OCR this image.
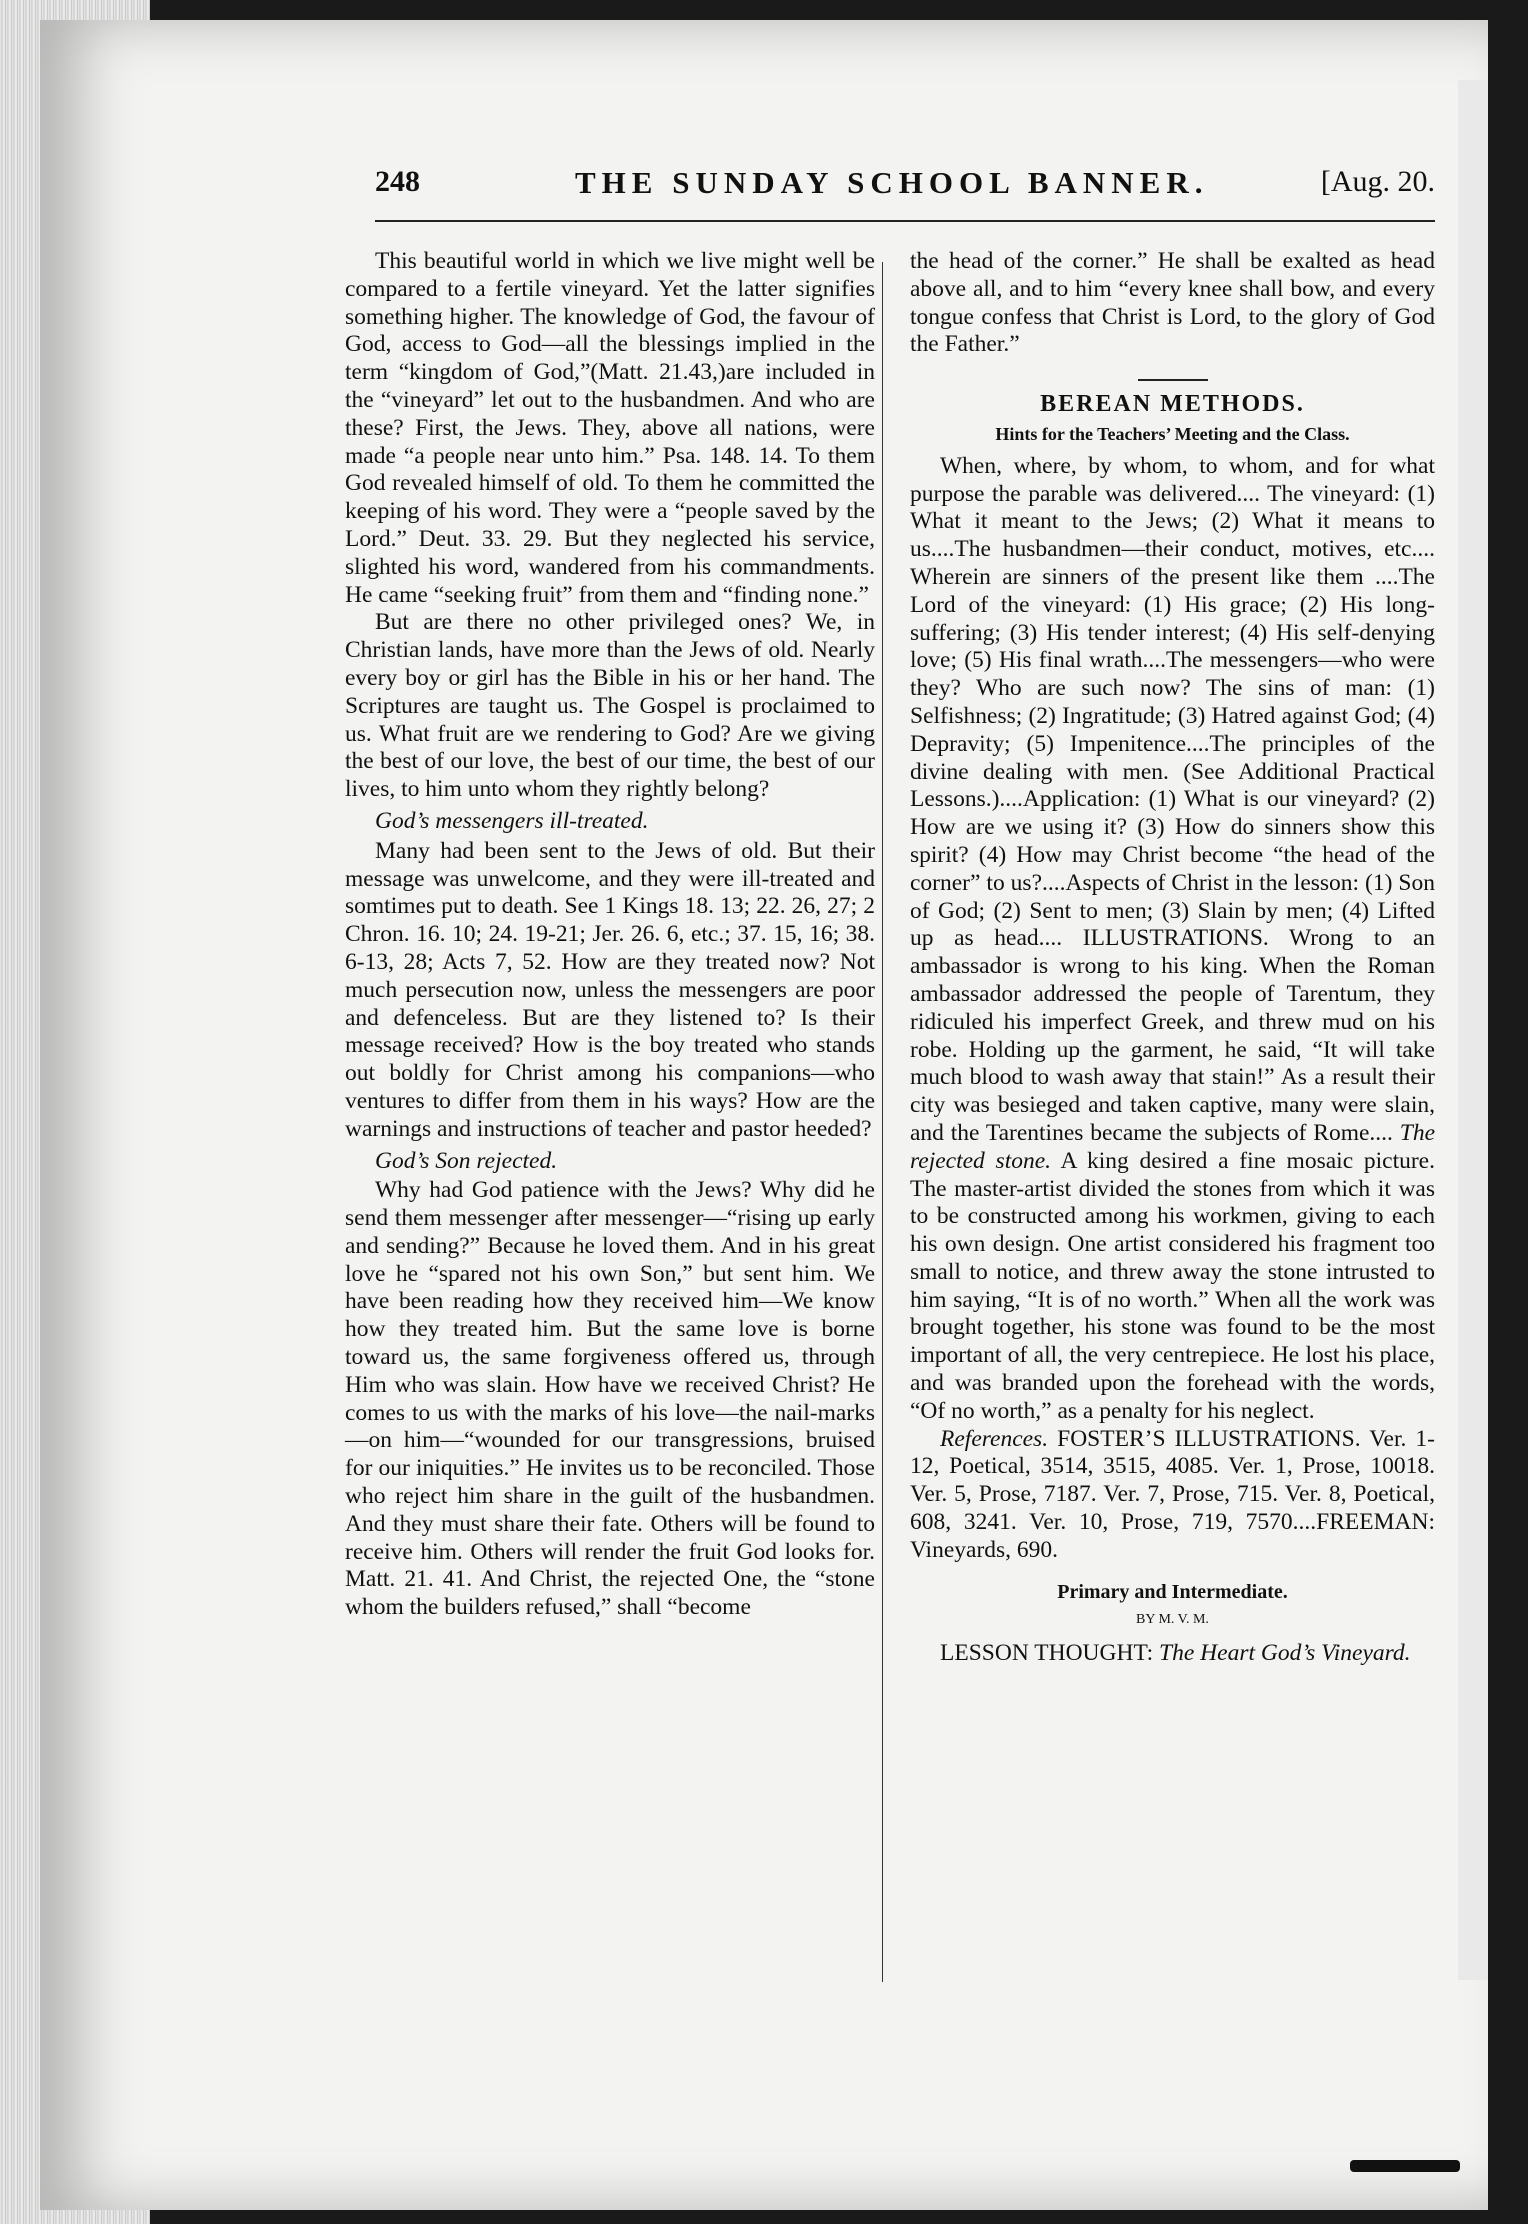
248	THE SUNDAY SCHOOL BANNER.	[Aug. 20.

This beautiful world in which we live might well be compared to a fertile vineyard. Yet the latter signifies something higher. The knowledge of God, the favour of God, access to God—all the blessings implied in the term “kingdom of God,”(Matt. 21.43,)are included in the “vineyard” let out to the husbandmen. And who are these? First, the Jews. They, above all nations, were made “a people near unto him.” Psa. 148. 14. To them God revealed himself of old. To them he committed the keeping of his word. They were a “people saved by the Lord.” Deut. 33. 29. But they neglected his service, slighted his word, wandered from his commandments. He came “seeking fruit” from them and “finding none.”

But are there no other privileged ones? We, in Christian lands, have more than the Jews of old. Nearly every boy or girl has the Bible in his or her hand. The Scriptures are taught us. The Gospel is proclaimed to us. What fruit are we rendering to God? Are we giving the best of our love, the best of our time, the best of our lives, to him unto whom they rightly belong?

God’s messengers ill-treated.

Many had been sent to the Jews of old. But their message was unwelcome, and they were ill-treated and somtimes put to death. See 1 Kings 18. 13; 22. 26, 27; 2 Chron. 16. 10; 24. 19-21; Jer. 26. 6, etc.; 37. 15, 16; 38. 6-13, 28; Acts 7, 52. How are they treated now? Not much persecution now, unless the messengers are poor and defenceless. But are they listened to? Is their message received? How is the boy treated who stands out boldly for Christ among his companions—who ventures to differ from them in his ways? How are the warnings and instructions of teacher and pastor heeded?

God’s Son rejected.

Why had God patience with the Jews? Why did he send them messenger after messenger—“rising up early and sending?” Because he loved them. And in his great love he “spared not his own Son,” but sent him. We have been reading how they received him—We know how they treated him. But the same love is borne toward us, the same forgiveness offered us, through Him who was slain. How have we received Christ? He comes to us with the marks of his love—the nail-marks—on him—“wounded for our transgressions, bruised for our iniquities.” He invites us to be reconciled. Those who reject him share in the guilt of the husbandmen. And they must share their fate. Others will be found to receive him. Others will render the fruit God looks for. Matt. 21. 41. And Christ, the rejected One, the “stone whom the builders refused,” shall “become

the head of the corner.” He shall be exalted as head above all, and to him “every knee shall bow, and every tongue confess that Christ is Lord, to the glory of God the Father.”

BEREAN METHODS.
Hints for the Teachers’ Meeting and the Class.

When, where, by whom, to whom, and for what purpose the parable was delivered.... The vineyard: (1) What it meant to the Jews; (2) What it means to us....The husbandmen—their conduct, motives, etc.... Wherein are sinners of the present like them ....The Lord of the vineyard: (1) His grace; (2) His long-suffering; (3) His tender interest; (4) His self-denying love; (5) His final wrath....The messengers—who were they? Who are such now? The sins of man: (1) Selfishness; (2) Ingratitude; (3) Hatred against God; (4) Depravity; (5) Impenitence....The principles of the divine dealing with men. (See Additional Practical Lessons.)....Application: (1) What is our vineyard? (2) How are we using it? (3) How do sinners show this spirit? (4) How may Christ become “the head of the corner” to us?....Aspects of Christ in the lesson: (1) Son of God; (2) Sent to men; (3) Slain by men; (4) Lifted up as head.... ILLUSTRATIONS. Wrong to an ambassador is wrong to his king. When the Roman ambassador addressed the people of Tarentum, they ridiculed his imperfect Greek, and threw mud on his robe. Holding up the garment, he said, “It will take much blood to wash away that stain!” As a result their city was besieged and taken captive, many were slain, and the Tarentines became the subjects of Rome.... The rejected stone. A king desired a fine mosaic picture. The master-artist divided the stones from which it was to be constructed among his workmen, giving to each his own design. One artist considered his fragment too small to notice, and threw away the stone intrusted to him saying, “It is of no worth.” When all the work was brought together, his stone was found to be the most important of all, the very centrepiece. He lost his place, and was branded upon the forehead with the words, “Of no worth,” as a penalty for his neglect.

References. FOSTER’S ILLUSTRATIONS. Ver. 1-12, Poetical, 3514, 3515, 4085. Ver. 1, Prose, 10018. Ver. 5, Prose, 7187. Ver. 7, Prose, 715. Ver. 8, Poetical, 608, 3241. Ver. 10, Prose, 719, 7570....FREEMAN: Vineyards, 690.

Primary and Intermediate.
BY M. V. M.

LESSON THOUGHT: The Heart God’s Vineyard.
